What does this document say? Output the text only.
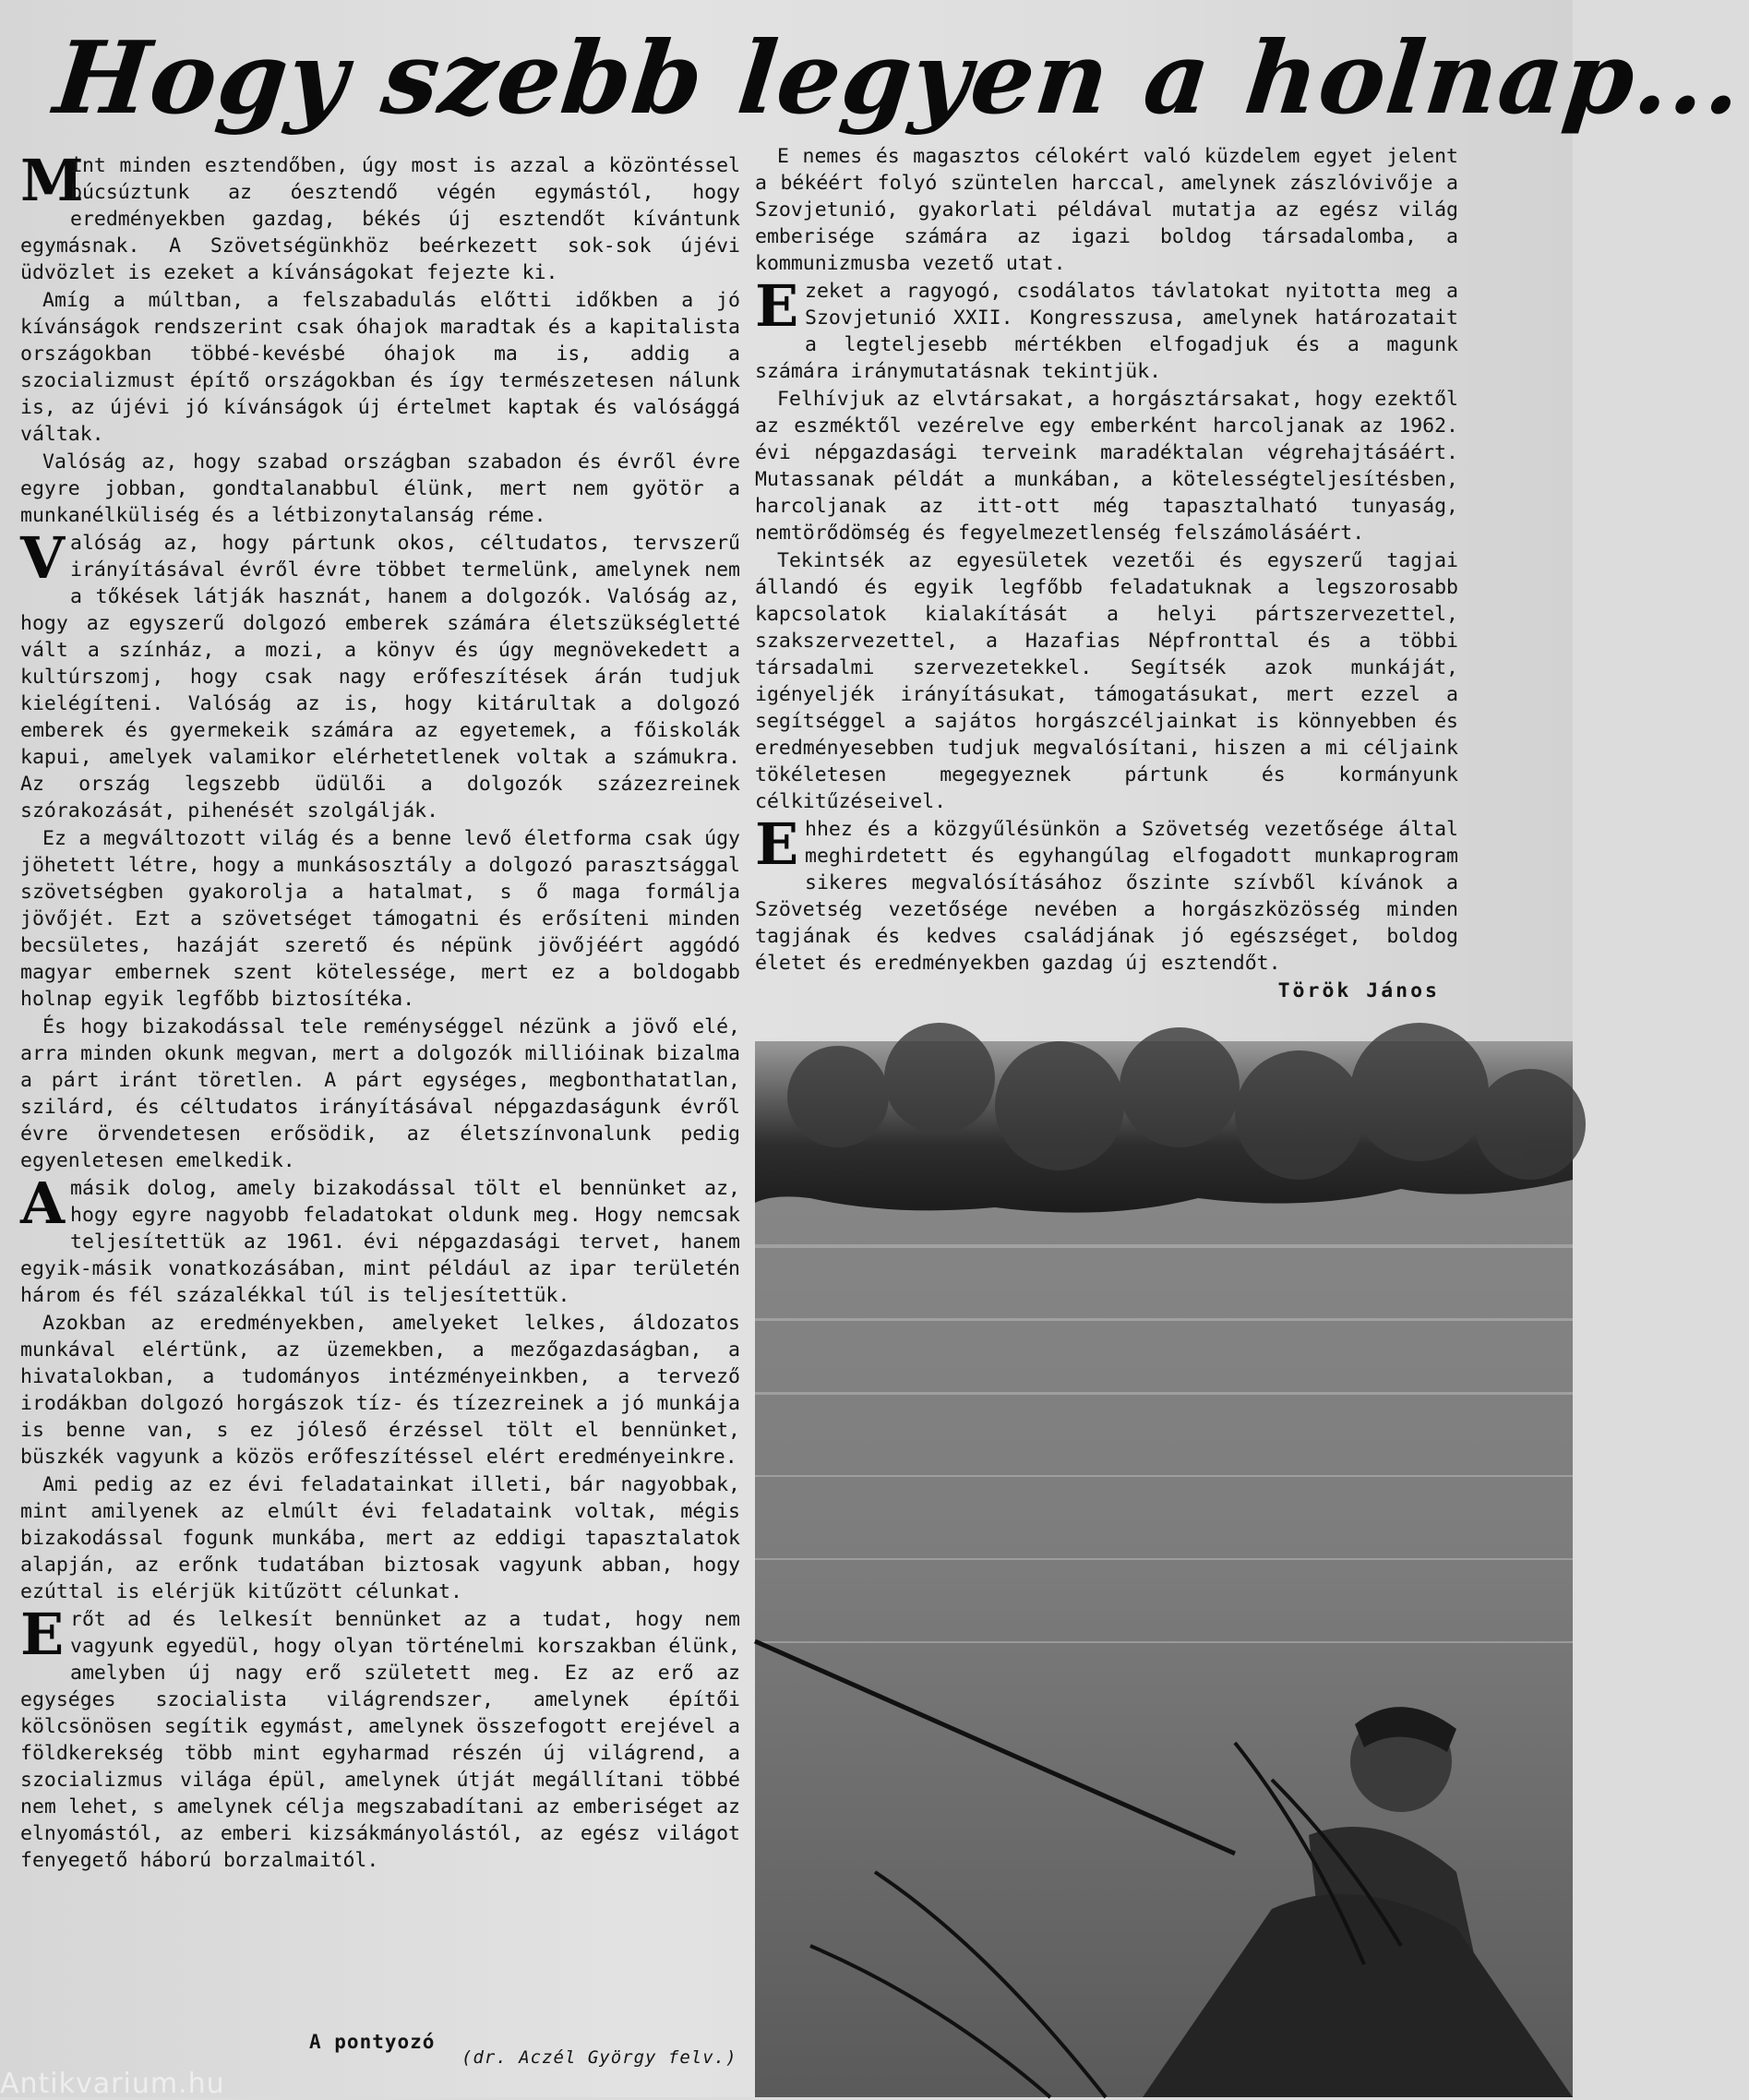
Hogy szebb legyen a holnap...

M
int minden esztendőben, úgy most is azzal a közöntéssel búcsúztunk az óesztendő végén egymástól, hogy eredményekben gazdag, békés új esztendőt kívántunk egymásnak. A Szövetségünkhöz beérkezett sok-sok újévi üdvözlet is ezeket a kívánságokat fejezte ki.

Amíg a múltban, a felszabadulás előtti időkben a jó kívánságok rendszerint csak óhajok maradtak és a kapitalista országokban többé-kevésbé óhajok ma is, addig a szocializmust építő országokban és így természetesen nálunk is, az újévi jó kívánságok új értelmet kaptak és valósággá váltak.

Valóság az, hogy szabad országban szabadon és évről évre egyre jobban, gondtalanabbul élünk, mert nem gyötör a munkanélküliség és a létbizonytalanság réme.

Valóság az, hogy pártunk okos, céltudatos, tervszerű irányításával évről évre többet termelünk, amelynek nem a tőkések látják hasznát, hanem a dolgozók. Valóság az, hogy az egyszerű dolgozó emberek számára életszükségletté vált a színház, a mozi, a könyv és úgy megnövekedett a kultúrszomj, hogy csak nagy erőfeszítések árán tudjuk kielégíteni. Valóság az is, hogy kitárultak a dolgozó emberek és gyermekeik számára az egyetemek, a főiskolák kapui, amelyek valamikor elérhetetlenek voltak a számukra. Az ország legszebb üdülői a dolgozók százezreinek szórakozását, pihenését szolgálják.

Ez a megváltozott világ és a benne levő életforma csak úgy jöhetett létre, hogy a munkásosztály a dolgozó parasztsággal szövetségben gyakorolja a hatalmat, s ő maga formálja jövőjét. Ezt a szövetséget támogatni és erősíteni minden becsületes, hazáját szerető és népünk jövőjéért aggódó magyar embernek szent kötelessége, mert ez a boldogabb holnap egyik legfőbb biztosítéka.

És hogy bizakodással tele reménységgel nézünk a jövő elé, arra minden okunk megvan, mert a dolgozók millióinak bizalma a párt iránt töretlen. A párt egységes, megbonthatatlan, szilárd, és céltudatos irányításával népgazdaságunk évről évre örvendetesen erősödik, az életszínvonalunk pedig egyenletesen emelkedik.

Amásik dolog, amely bizakodással tölt el bennünket az, hogy egyre nagyobb feladatokat oldunk meg. Hogy nemcsak teljesítettük az 1961. évi népgazdasági tervet, hanem egyik-másik vonatkozásában, mint például az ipar területén három és fél százalékkal túl is teljesítettük.

Azokban az eredményekben, amelyeket lelkes, áldozatos munkával elértünk, az üzemekben, a mezőgazdaságban, a hivatalokban, a tudományos intézményeinkben, a tervező irodákban dolgozó horgászok tíz- és tízezreinek a jó munkája is benne van, s ez jóleső érzéssel tölt el bennünket, büszkék vagyunk a közös erőfeszítéssel elért eredményeinkre.

Ami pedig az ez évi feladatainkat illeti, bár nagyobbak, mint amilyenek az elmúlt évi feladataink voltak, mégis bizakodással fogunk munkába, mert az eddigi tapasztalatok alapján, az erőnk tudatában biztosak vagyunk abban, hogy ezúttal is elérjük kitűzött célunkat.

Erőt ad és lelkesít bennünket az a tudat, hogy nem vagyunk egyedül, hogy olyan történelmi korszakban élünk, amelyben új nagy erő született meg. Ez az erő az egységes szocialista világrendszer, amelynek építői kölcsönösen segítik egymást, amelynek összefogott erejével a földkerekség több mint egyharmad részén új világrend, a szocializmus világa épül, amelynek útját megállítani többé nem lehet, s amelynek célja megszabadítani az emberiséget az elnyomástól, az emberi kizsákmányolástól, az egész világot fenyegető háború borzalmaitól.

E nemes és magasztos célokért való küzdelem egyet jelent a békéért folyó szüntelen harccal, amelynek zászlóvivője a Szovjetunió, gyakorlati példával mutatja az egész világ emberisége számára az igazi boldog társadalomba, a kommunizmusba vezető utat.

Ezeket a ragyogó, csodálatos távlatokat nyitotta meg a Szovjetunió XXII. Kongresszusa, amelynek határozatait a legteljesebb mértékben elfogadjuk és a magunk számára iránymutatásnak tekintjük.

Felhívjuk az elvtársakat, a horgásztársakat, hogy ezektől az eszméktől vezérelve egy emberként harcoljanak az 1962. évi népgazdasági terveink maradéktalan végrehajtásáért. Mutassanak példát a munkában, a kötelességteljesítésben, harcoljanak az itt-ott még tapasztalható tunyaság, nemtörődömség és fegyelmezetlenség felszámolásáért.

Tekintsék az egyesületek vezetői és egyszerű tagjai állandó és egyik legfőbb feladatuknak a legszorosabb kapcsolatok kialakítását a helyi pártszervezettel, szakszervezettel, a Hazafias Népfronttal és a többi társadalmi szervezetekkel. Segítsék azok munkáját, igényeljék irányításukat, támogatásukat, mert ezzel a segítséggel a sajátos horgászcéljainkat is könnyebben és eredményesebben tudjuk megvalósítani, hiszen a mi céljaink tökéletesen megegyeznek pártunk és kormányunk célkitűzéseivel.

Ehhez és a közgyűlésünkön a Szövetség vezetősége által meghirdetett és egyhangúlag elfogadott munkaprogram sikeres megvalósításához őszinte szívből kívánok a Szövetség vezetősége nevében a horgászközösség minden tagjának és kedves családjának jó egészséget, boldog életet és eredményekben gazdag új esztendőt.

Török János

A pontyozó
(dr. Aczél György felv.)
Antikvarium.hu
